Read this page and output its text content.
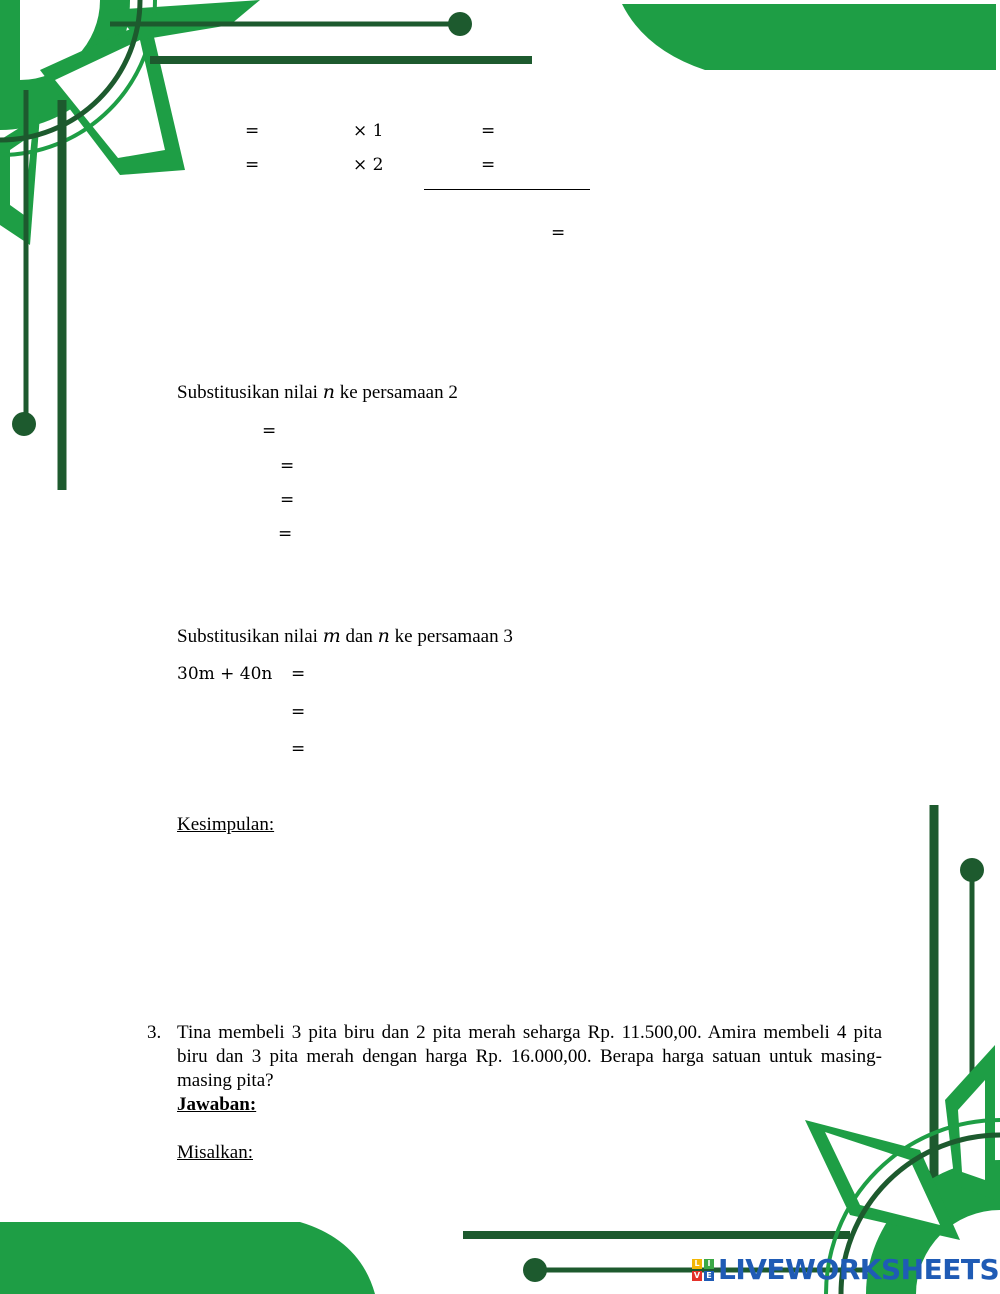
=	× 1	=
=	× 2	=
=
Substitusikan nilai n ke persamaan 2
=
=
=
=
Substitusikan nilai m dan n ke persamaan 3
30m + 40n =
=
=
Kesimpulan:
3. Tina membeli 3 pita biru dan 2 pita merah seharga Rp. 11.500,00. Amira membeli 4 pita biru dan 3 pita merah dengan harga Rp. 16.000,00. Berapa harga satuan untuk masing-masing pita?
Jawaban:
Misalkan:
L I
V E LIVEWORKSHEETS
